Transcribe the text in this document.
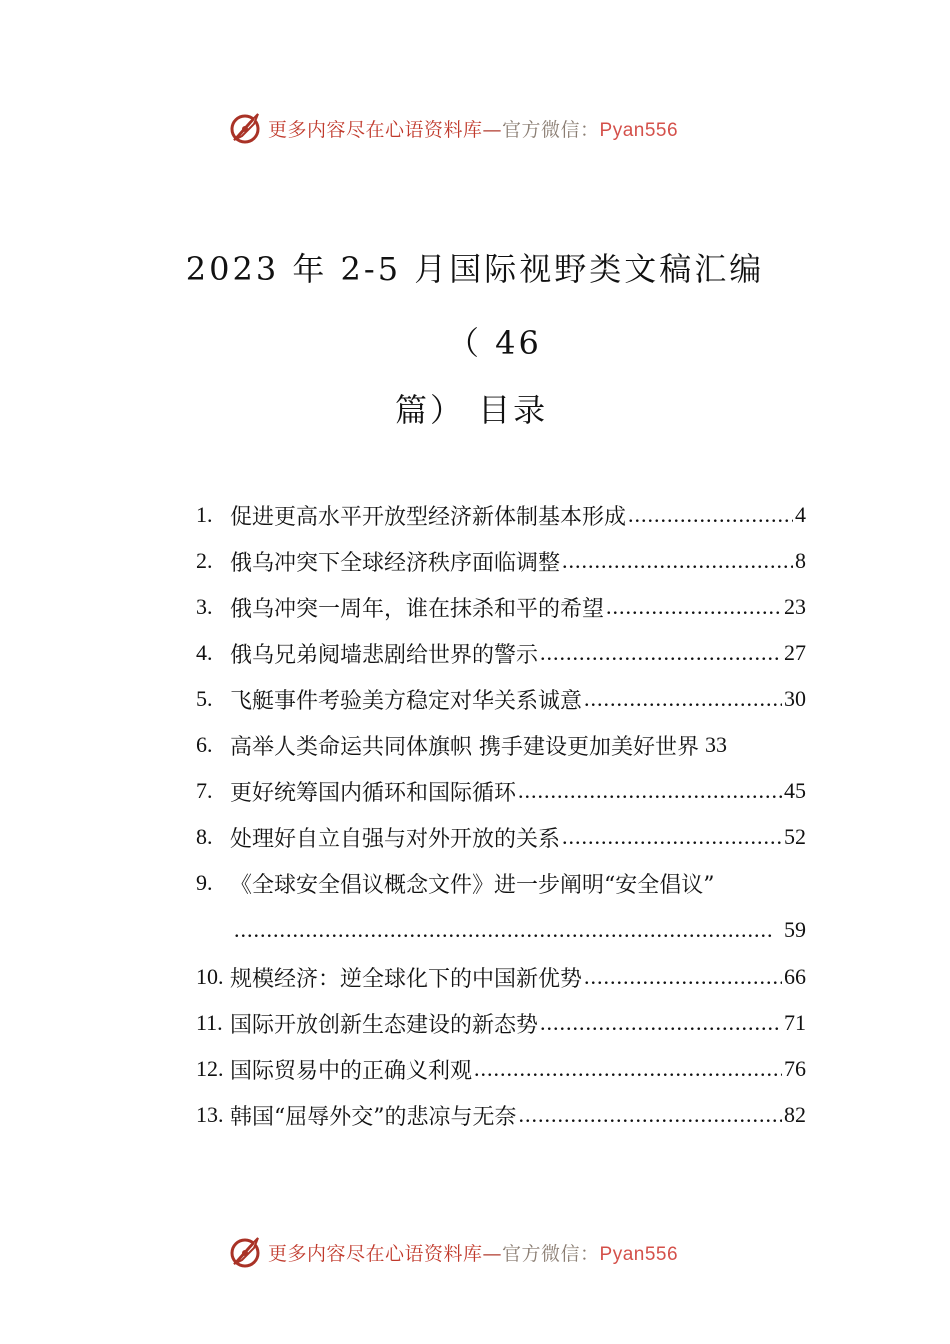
更多内容尽在心语资料库—官方微信：Pyan556
2023 年 2-5 月国际视野类文稿汇编
（ 46
篇） 目录
1. 促进更高水平开放型经济新体制基本形成 .....	4
2. 俄乌冲突下全球经济秩序面临调整 .....	8
3. 俄乌冲突一周年，谁在抹杀和平的希望 .....	23
4. 俄乌兄弟阋墙悲剧给世界的警示 .....	27
5. 飞艇事件考验美方稳定对华关系诚意 .....	30
6. 高举人类命运共同体旗帜 携手建设更加美好世界 33
7. 更好统筹国内循环和国际循环 .....	45
8. 处理好自立自强与对外开放的关系 .....	52
9. 《全球安全倡议概念文件》进一步阐明“安全倡议”
.....
59
10. 规模经济：逆全球化下的中国新优势 .....	66
11. 国际开放创新生态建设的新态势 .....	71
12. 国际贸易中的正确义利观 .....	76
13. 韩国“屈辱外交”的悲凉与无奈 .....	82
更多内容尽在心语资料库—官方微信：Pyan556
